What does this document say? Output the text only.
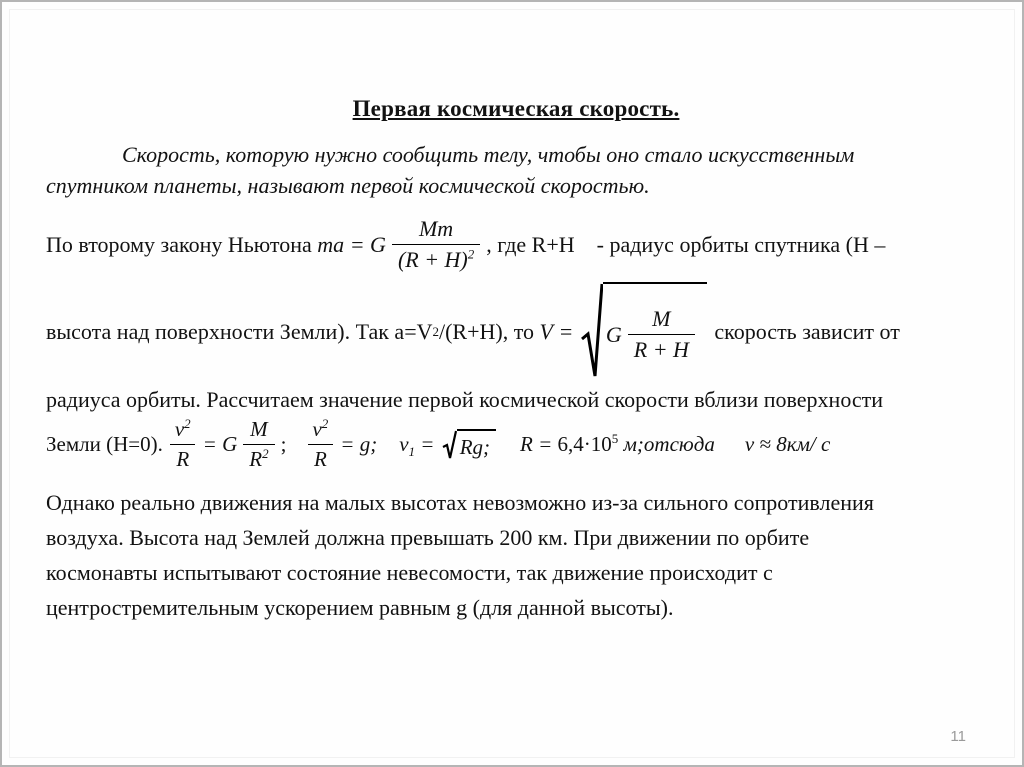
Первая космическая скорость.
Скорость, которую нужно сообщить телу, чтобы оно стало искусственным
спутником планеты, называют первой космической скоростью.
По второму закону Ньютона ma = G $\frac{Mm}{(R + H)^2}$ , где R+H -
радиус орбиты спутника (H –
высота над поверхности Земли). Так a=V 2 /(R+H), то V = G $\frac{M}{R + H}$
скорость зависит от
радиуса орбиты. Рассчитаем значение первой космической скорости вблизи поверхности
Земли (H=0). $\frac{v^2}{R} = G \frac{M}{R^2}$ ; $\frac{v^2}{R} = g$; $v_1 = Rg$; $R = 6,4\cdot 10^5$
м;отсюда v ≈ 8км/ с
Однако реально движения на малых высотах невозможно из-за сильного сопротивления
воздуха. Высота над Землей должна превышать 200 км. При движении по орбите
космонавты испытывают состояние невесомости, так движение происходит с
центростремительным ускорением равным g (для данной высоты).
11
